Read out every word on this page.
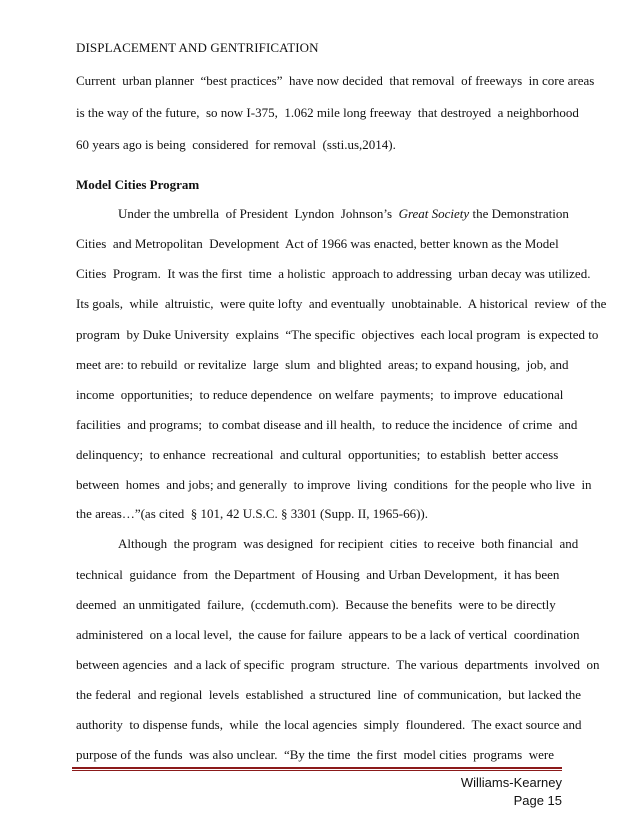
DISPLACEMENT AND GENTRIFICATION
Current  urban planner  “best practices”  have now decided  that removal  of freeways  in core areas
is the way of the future,  so now I-375,  1.062 mile long freeway  that destroyed  a neighborhood
60 years ago is being  considered  for removal  (ssti.us,2014).
Model Cities Program
Under the umbrella  of President  Lyndon  Johnson’s  Great Society the Demonstration
Cities  and Metropolitan  Development  Act of 1966 was enacted, better known as the Model
Cities  Program.  It was the first  time  a holistic  approach to addressing  urban decay was utilized.
Its goals,  while  altruistic,  were quite lofty  and eventually  unobtainable.  A historical  review  of the
program  by Duke University  explains  “The specific  objectives  each local program  is expected to
meet are: to rebuild  or revitalize  large  slum  and blighted  areas; to expand housing,  job, and
income  opportunities;  to reduce dependence  on welfare  payments;  to improve  educational
facilities  and programs;  to combat disease and ill health,  to reduce the incidence  of crime  and
delinquency;  to enhance  recreational  and cultural  opportunities;  to establish  better access
between  homes  and jobs; and generally  to improve  living  conditions  for the people who live  in
the areas…”(as cited  § 101, 42 U.S.C. § 3301 (Supp. II, 1965-66)).
Although  the program  was designed  for recipient  cities  to receive  both financial  and
technical  guidance  from  the Department  of Housing  and Urban Development,  it has been
deemed  an unmitigated  failure,  (ccdemuth.com).  Because the benefits  were to be directly
administered  on a local level,  the cause for failure  appears to be a lack of vertical  coordination
between agencies  and a lack of specific  program  structure.  The various  departments  involved  on
the federal  and regional  levels  established  a structured  line  of communication,  but lacked the
authority  to dispense funds,  while  the local agencies  simply  floundered.  The exact source and
purpose of the funds  was also unclear.  “By the time  the first  model cities  programs  were
Williams-Kearney
Page 15
